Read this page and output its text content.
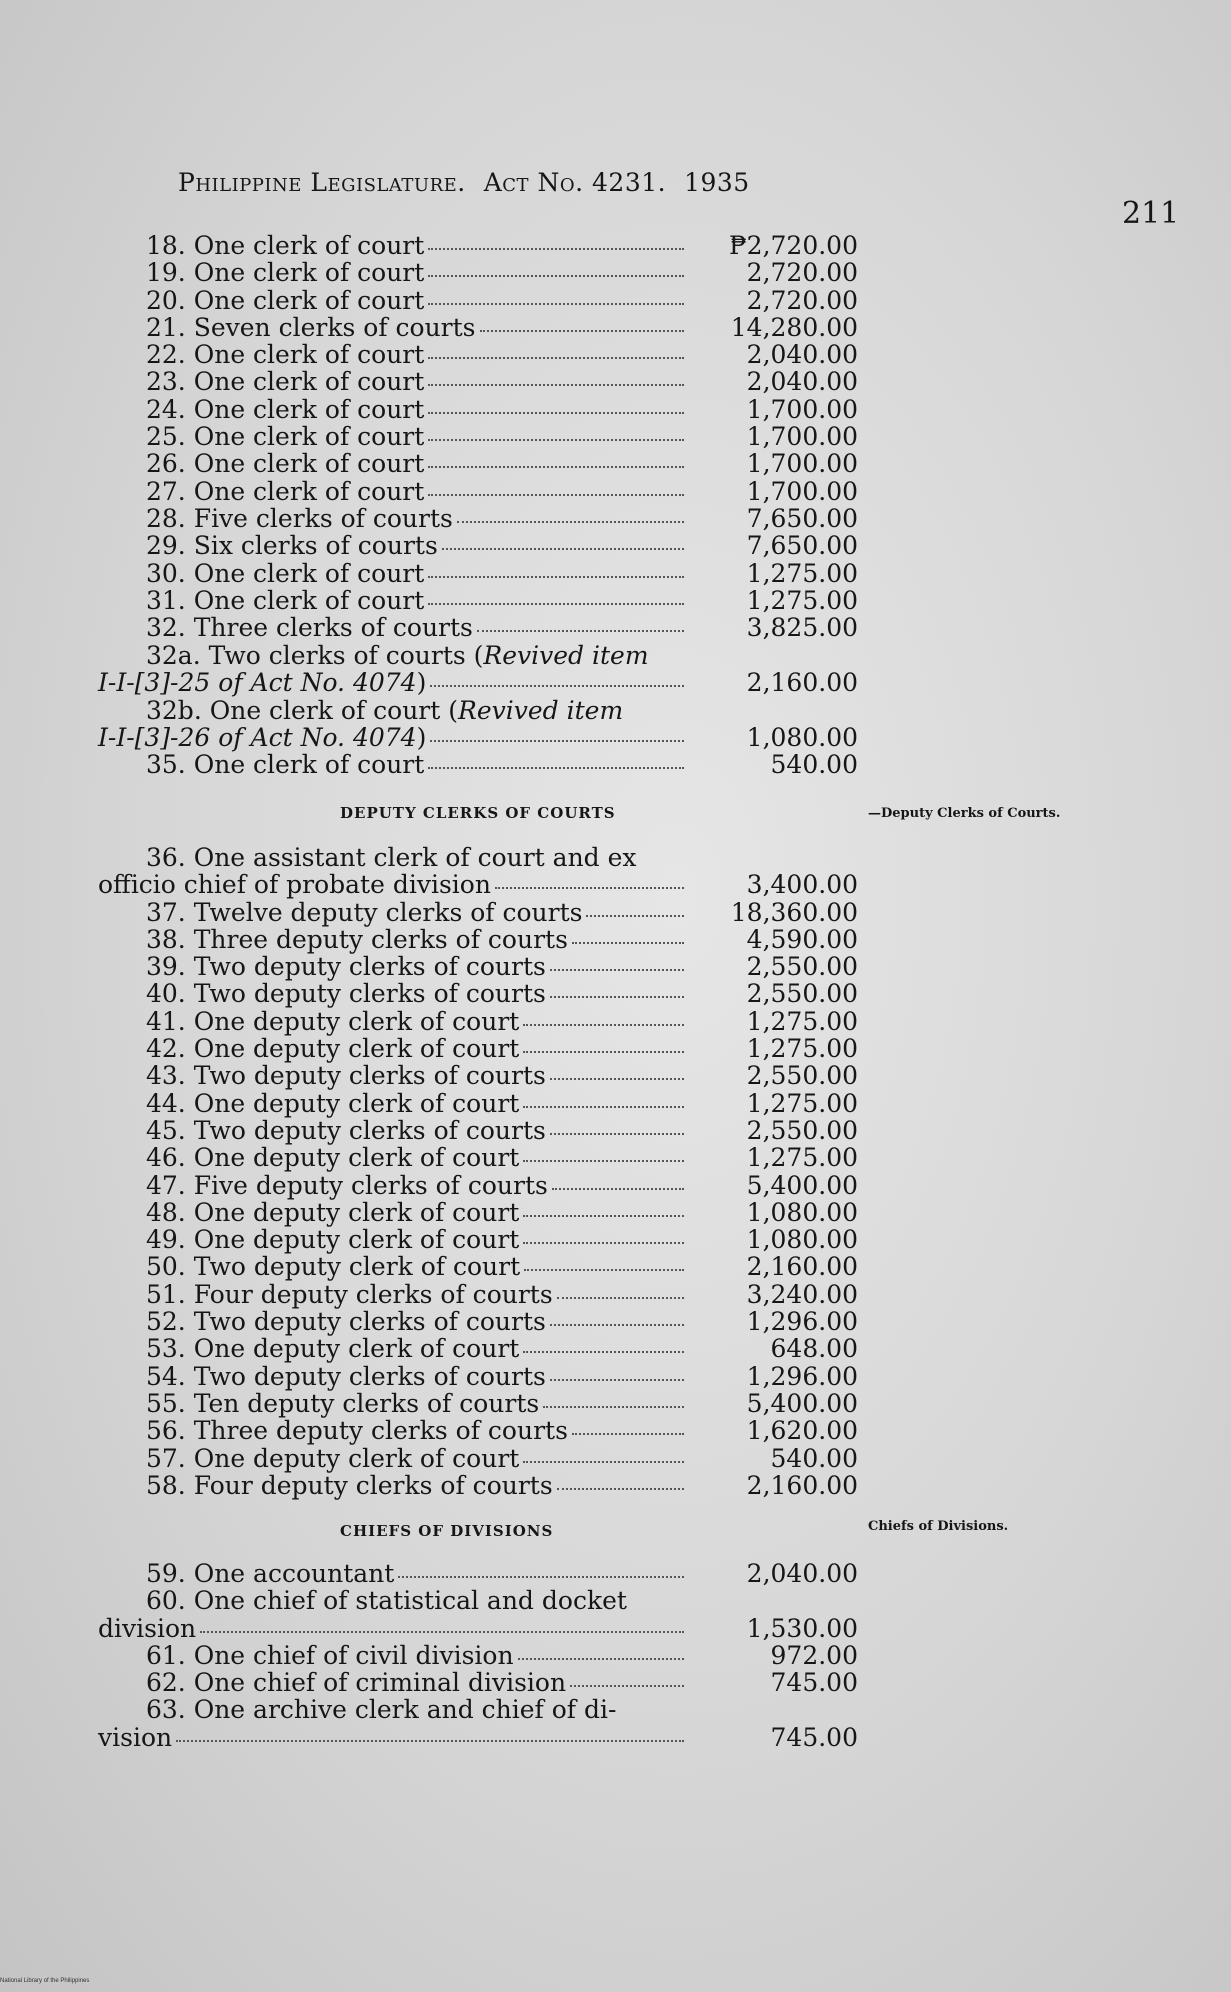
Philippine Legislature. Act No. 4231. 1935
211
18. One clerk of court	₱2,720.00
19. One clerk of court	2,720.00
20. One clerk of court	2,720.00
21. Seven clerks of courts	14,280.00
22. One clerk of court	2,040.00
23. One clerk of court	2,040.00
24. One clerk of court	1,700.00
25. One clerk of court	1,700.00
26. One clerk of court	1,700.00
27. One clerk of court	1,700.00
28. Five clerks of courts	7,650.00
29. Six clerks of courts	7,650.00
30. One clerk of court	1,275.00
31. One clerk of court	1,275.00
32. Three clerks of courts	3,825.00
32a. Two clerks of courts (Revived item
I-I-[3]-25 of Act No. 4074)	2,160.00
32b. One clerk of court (Revived item
I-I-[3]-26 of Act No. 4074)	1,080.00
35. One clerk of court	540.00
DEPUTY CLERKS OF COURTS	—Deputy Clerks of Courts.
36. One assistant clerk of court and ex
officio chief of probate division	3,400.00
37. Twelve deputy clerks of courts	18,360.00
38. Three deputy clerks of courts	4,590.00
39. Two deputy clerks of courts	2,550.00
40. Two deputy clerks of courts	2,550.00
41. One deputy clerk of court	1,275.00
42. One deputy clerk of court	1,275.00
43. Two deputy clerks of courts	2,550.00
44. One deputy clerk of court	1,275.00
45. Two deputy clerks of courts	2,550.00
46. One deputy clerk of court	1,275.00
47. Five deputy clerks of courts	5,400.00
48. One deputy clerk of court	1,080.00
49. One deputy clerk of court	1,080.00
50. Two deputy clerk of court	2,160.00
51. Four deputy clerks of courts	3,240.00
52. Two deputy clerks of courts	1,296.00
53. One deputy clerk of court	648.00
54. Two deputy clerks of courts	1,296.00
55. Ten deputy clerks of courts	5,400.00
56. Three deputy clerks of courts	1,620.00
57. One deputy clerk of court	540.00
58. Four deputy clerks of courts	2,160.00
CHIEFS OF DIVISIONS	Chiefs of Divisions.
59. One accountant	2,040.00
60. One chief of statistical and docket
division	1,530.00
61. One chief of civil division	972.00
62. One chief of criminal division	745.00
63. One archive clerk and chief of di-
vision	745.00
National Library of the Philippines
